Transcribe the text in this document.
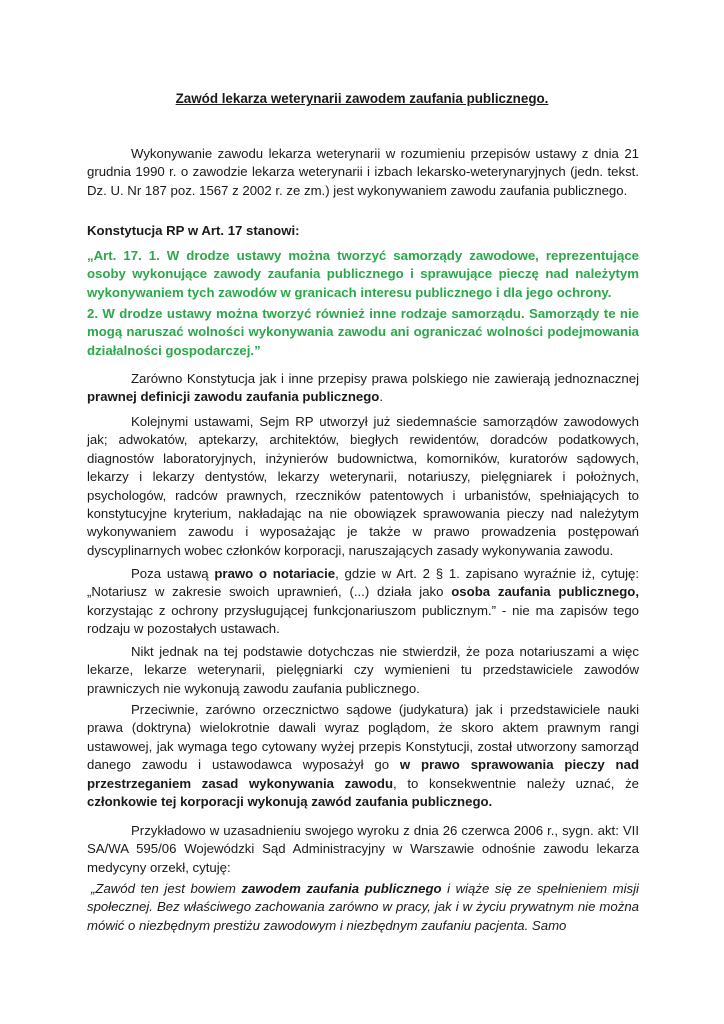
Zawód lekarza weterynarii zawodem zaufania publicznego.

Wykonywanie zawodu lekarza weterynarii w rozumieniu przepisów ustawy z dnia 21 grudnia 1990 r. o zawodzie lekarza weterynarii i izbach lekarsko-weterynaryjnych (jedn. tekst. Dz. U. Nr 187 poz. 1567 z 2002 r. ze zm.) jest wykonywaniem zawodu zaufania publicznego.

Konstytucja RP w Art. 17 stanowi:

„Art. 17. 1. W drodze ustawy można tworzyć samorządy zawodowe, reprezentujące osoby wykonujące zawody zaufania publicznego i sprawujące pieczę nad należytym wykonywaniem tych zawodów w granicach interesu publicznego i dla jego ochrony.

2. W drodze ustawy można tworzyć również inne rodzaje samorządu. Samorządy te nie mogą naruszać wolności wykonywania zawodu ani ograniczać wolności podejmowania działalności gospodarczej.”

Zarówno Konstytucja jak i inne przepisy prawa polskiego nie zawierają jednoznacznej prawnej definicji zawodu zaufania publicznego.

Kolejnymi ustawami, Sejm RP utworzył już siedemnaście samorządów zawodowych jak; adwokatów, aptekarzy, architektów, biegłych rewidentów, doradców podatkowych, diagnostów laboratoryjnych, inżynierów budownictwa, komorników, kuratorów sądowych, lekarzy i lekarzy dentystów, lekarzy weterynarii, notariuszy, pielęgniarek i położnych, psychologów, radców prawnych, rzeczników patentowych i urbanistów, spełniających to konstytucyjne kryterium, nakładając na nie obowiązek sprawowania pieczy nad należytym wykonywaniem zawodu i wyposażając je także w prawo prowadzenia postępowań dyscyplinarnych wobec członków korporacji, naruszających zasady wykonywania zawodu.

Poza ustawą prawo o notariacie, gdzie w Art. 2 § 1. zapisano wyraźnie iż, cytuję: „Notariusz w zakresie swoich uprawnień, (...) działa jako osoba zaufania publicznego, korzystając z ochrony przysługującej funkcjonariuszom publicznym.” - nie ma zapisów tego rodzaju w pozostałych ustawach.

Nikt jednak na tej podstawie dotychczas nie stwierdził, że poza notariuszami a więc lekarze, lekarze weterynarii, pielęgniarki czy wymienieni tu przedstawiciele zawodów prawniczych nie wykonują zawodu zaufania publicznego.

Przeciwnie, zarówno orzecznictwo sądowe (judykatura) jak i przedstawiciele nauki prawa (doktryna) wielokrotnie dawali wyraz poglądom, że skoro aktem prawnym rangi ustawowej, jak wymaga tego cytowany wyżej przepis Konstytucji, został utworzony samorząd danego zawodu i ustawodawca wyposażył go w prawo sprawowania pieczy nad przestrzeganiem zasad wykonywania zawodu, to konsekwentnie należy uznać, że członkowie tej korporacji wykonują zawód zaufania publicznego.

Przykładowo w uzasadnieniu swojego wyroku z dnia 26 czerwca 2006 r., sygn. akt: VII SA/WA 595/06 Wojewódzki Sąd Administracyjny w Warszawie odnośnie zawodu lekarza medycyny orzekł, cytuję:

„Zawód ten jest bowiem zawodem zaufania publicznego i wiąże się ze spełnieniem misji społecznej. Bez właściwego zachowania zarówno w pracy, jak i w życiu prywatnym nie można mówić o niezbędnym prestiżu zawodowym i niezbędnym zaufaniu pacjenta. Samo
